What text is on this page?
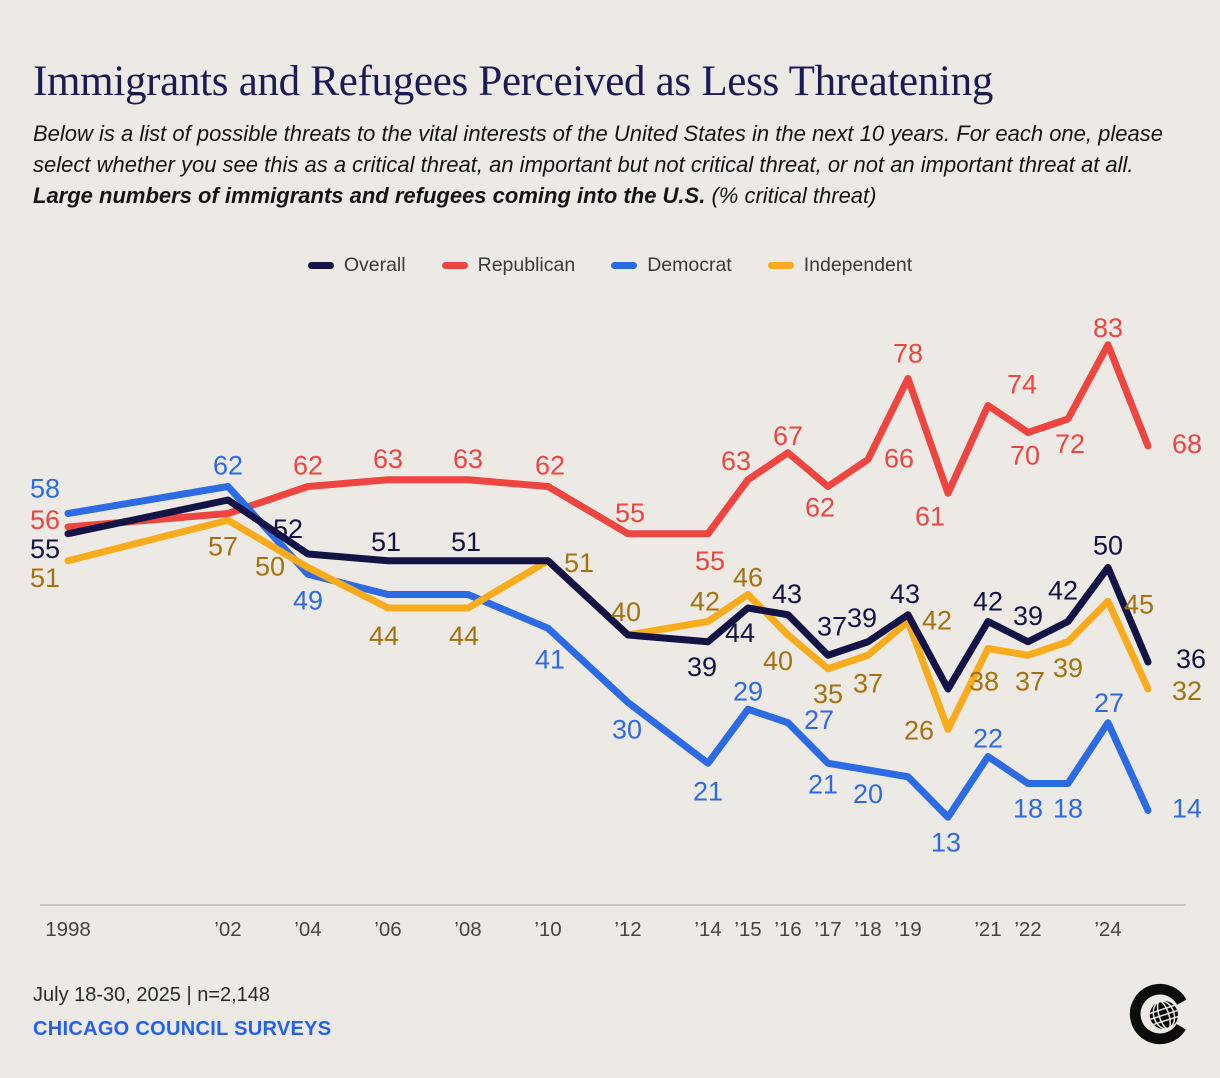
Immigrants and Refugees Perceived as Less Threatening

Below is a list of possible threats to the vital interests of the United States in the next 10 years. For each one, please select whether you see this as a critical threat, an important but not critical threat, or not an important threat at all. Large numbers of immigrants and refugees coming into the U.S. (% critical threat)

Overall	Republican	Democrat	Independent
1998	’02	’04	’06	’08	’10	’12	’14 ’15 ’16 ’17 ’18 ’19	’21 ’22	’24
56
62 63 63 62
55
55
63
67
62
66
78
61
74
70 72
83
68
58
62
49
41
30
21
29
27
21 20
13
22
18 18
27
14
51
57
50
44 44
51
40 42
46
40
35 37
42
26
38 37 39
45
32
55
52	51 51
39
44
43
37 39
43 42 39
42
50
36
July 18-30, 2025 | n=2,148
CHICAGO COUNCIL SURVEYS
